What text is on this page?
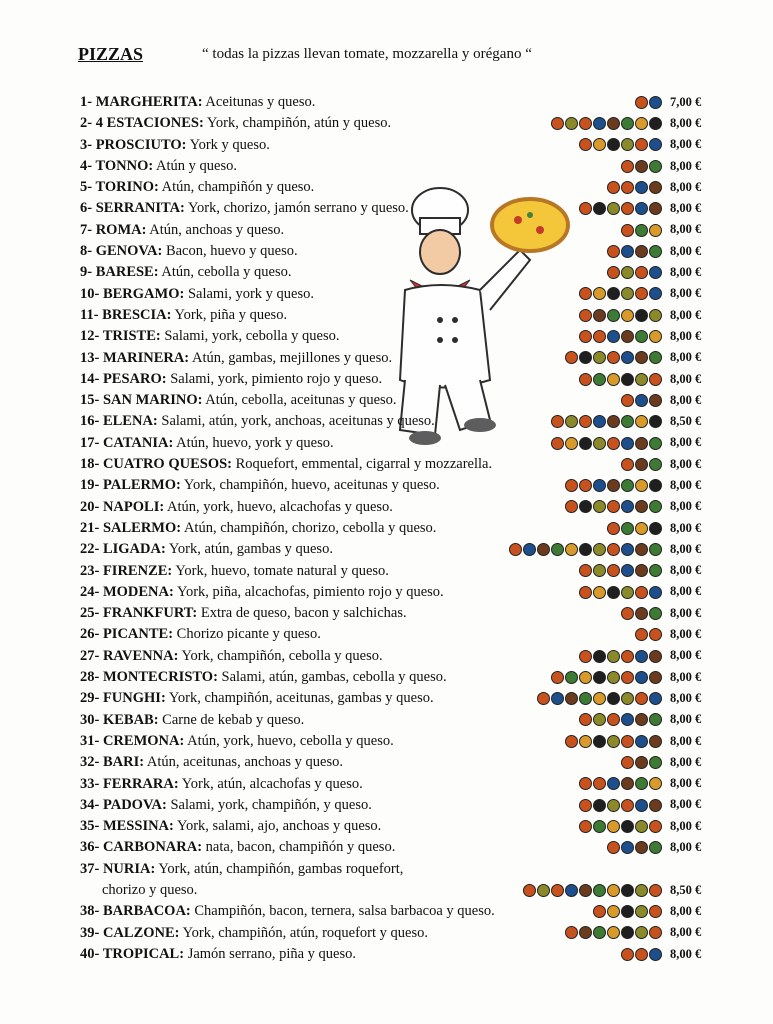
PIZZAS	“ todas la pizzas llevan tomate, mozzarella y orégano “
1- MARGHERITA: Aceitunas y queso.	7,00 €
2- 4 ESTACIONES: York, champiñón, atún y queso.	8,00 €
3- PROSCIUTO: York y queso.	8,00 €
4- TONNO: Atún y queso.	8,00 €
5- TORINO: Atún, champiñón y queso.	8,00 €
6- SERRANITA: York, chorizo, jamón serrano y queso.	8,00 €
7- ROMA: Atún, anchoas y queso.	8,00 €
8- GENOVA: Bacon, huevo y queso.	8,00 €
9- BARESE: Atún, cebolla y queso.	8,00 €
10- BERGAMO: Salami, york y queso.	8,00 €
11- BRESCIA: York, piña y queso.	8,00 €
12- TRISTE: Salami, york, cebolla y queso.	8,00 €
13- MARINERA: Atún, gambas, mejillones y queso.	8,00 €
14- PESARO: Salami, york, pimiento rojo y queso.	8,00 €
15- SAN MARINO: Atún, cebolla, aceitunas y queso.	8,00 €
16- ELENA: Salami, atún, york, anchoas, aceitunas y queso.	8,50 €
17- CATANIA: Atún, huevo, york y queso.	8,00 €
18- CUATRO QUESOS: Roquefort, emmental, cigarral y mozzarella.	8,00 €
19- PALERMO: York, champiñón, huevo, aceitunas y queso.	8,00 €
20- NAPOLI: Atún, york, huevo, alcachofas y queso.	8,00 €
21- SALERMO: Atún, champiñón, chorizo, cebolla y queso.	8,00 €
22- LIGADA: York, atún, gambas y queso.	8,00 €
23- FIRENZE: York, huevo, tomate natural y queso.	8,00 €
24- MODENA: York, piña, alcachofas, pimiento rojo y queso.	8,00 €
25- FRANKFURT: Extra de queso, bacon y salchichas.	8,00 €
26- PICANTE: Chorizo picante y queso.	8,00 €
27- RAVENNA: York, champiñón, cebolla y queso.	8,00 €
28- MONTECRISTO: Salami, atún, gambas, cebolla y queso.	8,00 €
29- FUNGHI: York, champiñón, aceitunas, gambas y queso.	8,00 €
30- KEBAB: Carne de kebab y queso.	8,00 €
31- CREMONA: Atún, york, huevo, cebolla y queso.	8,00 €
32- BARI: Atún, aceitunas, anchoas y queso.	8,00 €
33- FERRARA: York, atún, alcachofas y queso.	8,00 €
34- PADOVA: Salami, york, champiñón, y queso.	8,00 €
35- MESSINA: York, salami, ajo, anchoas y queso.	8,00 €
36- CARBONARA: nata, bacon, champiñón y queso.	8,00 €
37- NURIA: York, atún, champiñón, gambas roquefort,
chorizo y queso.	8,50 €
38- BARBACOA: Champiñón, bacon, ternera, salsa barbacoa y queso.	8,00 €
39- CALZONE: York, champiñón, atún, roquefort y queso.	8,00 €
40- TROPICAL: Jamón serrano, piña y queso.	8,00 €
